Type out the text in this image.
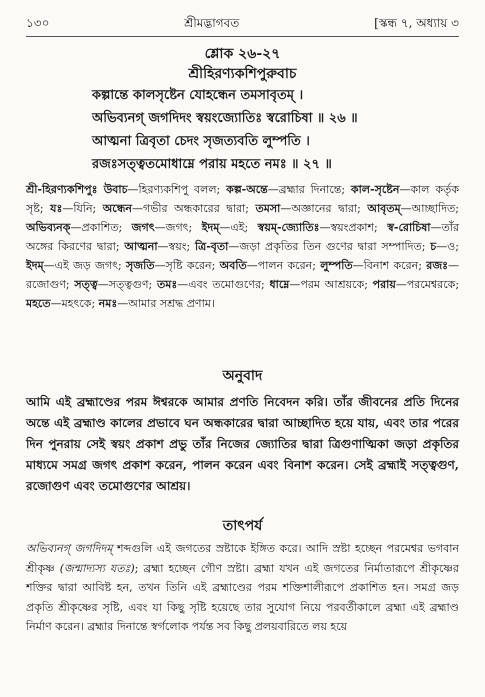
১৩০	শ্রীমদ্ভাগবত	[স্কন্ধ ৭, অধ্যায় ৩
শ্লোক ২৬-২৭
শ্রীহিরণ্যকশিপুরুবাচ
কল্পান্তে কালসৃষ্টেন যোহন্ধেন তমসাবৃতম্ ।
অভিব্যনগ্ জগদিদং স্বয়ংজ্যোতিঃ স্বরোচিষা ॥ ২৬ ॥
আত্মনা ত্রিবৃতা চেদং সৃজত্যবতি লুম্পতি ।
রজঃসত্ত্বতমোধাম্নে পরায় মহতে নমঃ ॥ ২৭ ॥
শ্রী-হিরণ্যকশিপুঃ উবাচ—হিরণ্যকশিপু বলল; কল্প-অন্তে—ব্রহ্মার দিনান্তে; কাল-সৃষ্টেন—কাল কর্তৃক সৃষ্ট; যঃ—যিনি; অন্ধেন—গভীর অন্ধকারের দ্বারা; তমসা—অজ্ঞানের দ্বারা; আবৃতম্—আচ্ছাদিত; অভিব্যনক্—প্রকাশিত; জগৎ—জগৎ; ইদম্—এই; স্বয়ম্-জ্যোতিঃ—স্বয়ংপ্রকাশ; স্ব-রোচিষা—তাঁর অঙ্গের কিরণের দ্বারা; আত্মনা—স্বয়ং; ত্রি-বৃতা—জড়া প্রকৃতির তিন গুণের দ্বারা সম্পাদিত; চ—ও; ইদম্—এই জড় জগৎ; সৃজতি—সৃষ্টি করেন; অবতি—পালন করেন; লুম্পতি—বিনাশ করেন; রজঃ—রজোগুণ; সত্ত্ব—সত্ত্বগুণ; তমঃ—এবং তমোগুণের; ধাম্নে—পরম আশ্রয়কে; পরায়—পরমেশ্বরকে; মহতে—মহৎকে; নমঃ—আমার সশ্রদ্ধ প্রণাম।
অনুবাদ
আমি এই ব্রহ্মাণ্ডের পরম ঈশ্বরকে আমার প্রণতি নিবেদন করি। তাঁর জীবনের প্রতি দিনের অন্তে এই ব্রহ্মাণ্ড কালের প্রভাবে ঘন অন্ধকারের দ্বারা আচ্ছাদিত হয়ে যায়, এবং তার পরের দিন পুনরায় সেই স্বয়ং প্রকাশ প্রভু তাঁর নিজের জ্যোতির দ্বারা ত্রিগুণাত্মিকা জড়া প্রকৃতির মাধ্যমে সমগ্র জগৎ প্রকাশ করেন, পালন করেন এবং বিনাশ করেন। সেই ব্রহ্মাই সত্ত্বগুণ, রজোগুণ এবং তমোগুণের আশ্রয়।
তাৎপর্য
অভিব্যনগ্ জগদিদম্ শব্দগুলি এই জগতের স্রষ্টাকে ইঙ্গিত করে। আদি স্রষ্টা হচ্ছেন পরমেশ্বর ভগবান শ্রীকৃষ্ণ (জন্মাদ্যস্য যতঃ); ব্রহ্মা হচ্ছেন গৌণ স্রষ্টা। ব্রহ্মা যখন এই জগতের নির্মাতারূপে শ্রীকৃষ্ণের শক্তির দ্বারা আবিষ্ট হন, তখন তিনি এই ব্রহ্মাণ্ডের পরম শক্তিশালীরূপে প্রকাশিত হন। সমগ্র জড় প্রকৃতি শ্রীকৃষ্ণের সৃষ্টি, এবং যা কিছু সৃষ্টি হয়েছে তার সুযোগ নিয়ে পরবর্তীকালে ব্রহ্মা এই ব্রহ্মাণ্ড নির্মাণ করেন। ব্রহ্মার দিনান্তে স্বর্গলোক পর্যন্ত সব কিছু প্রলয়বারিতে লয় হয়ে
